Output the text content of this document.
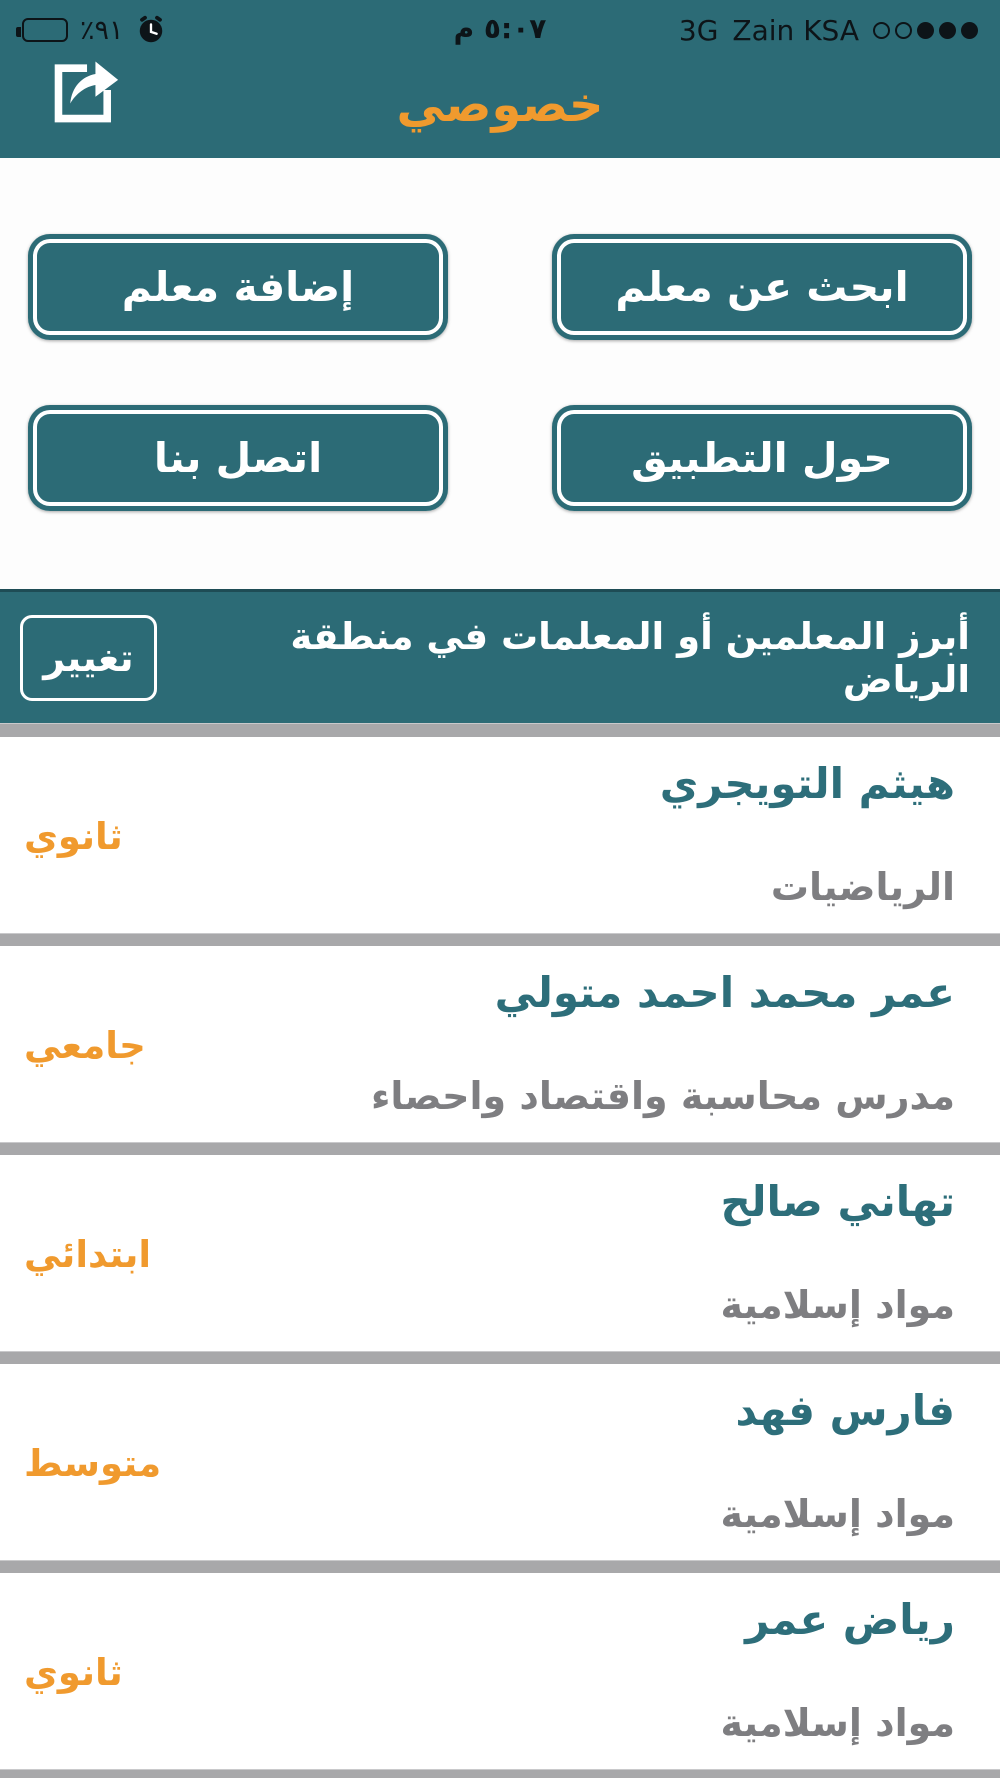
٪٩١	٥:٠٧ م	3G Zain KSA
خصوصي
ابحث عن معلم
إضافة معلم
حول التطبيق
اتصل بنا
أبرز المعلمين أو المعلمات في منطقة الرياض
تغيير
هيثم التويجري
ثانوي
الرياضيات
عمر محمد احمد متولي
جامعي
مدرس محاسبة واقتصاد واحصاء
تهاني صالح
ابتدائي
مواد إسلامية
فارس فهد
متوسط
مواد إسلامية
رياض عمر
ثانوي
مواد إسلامية
